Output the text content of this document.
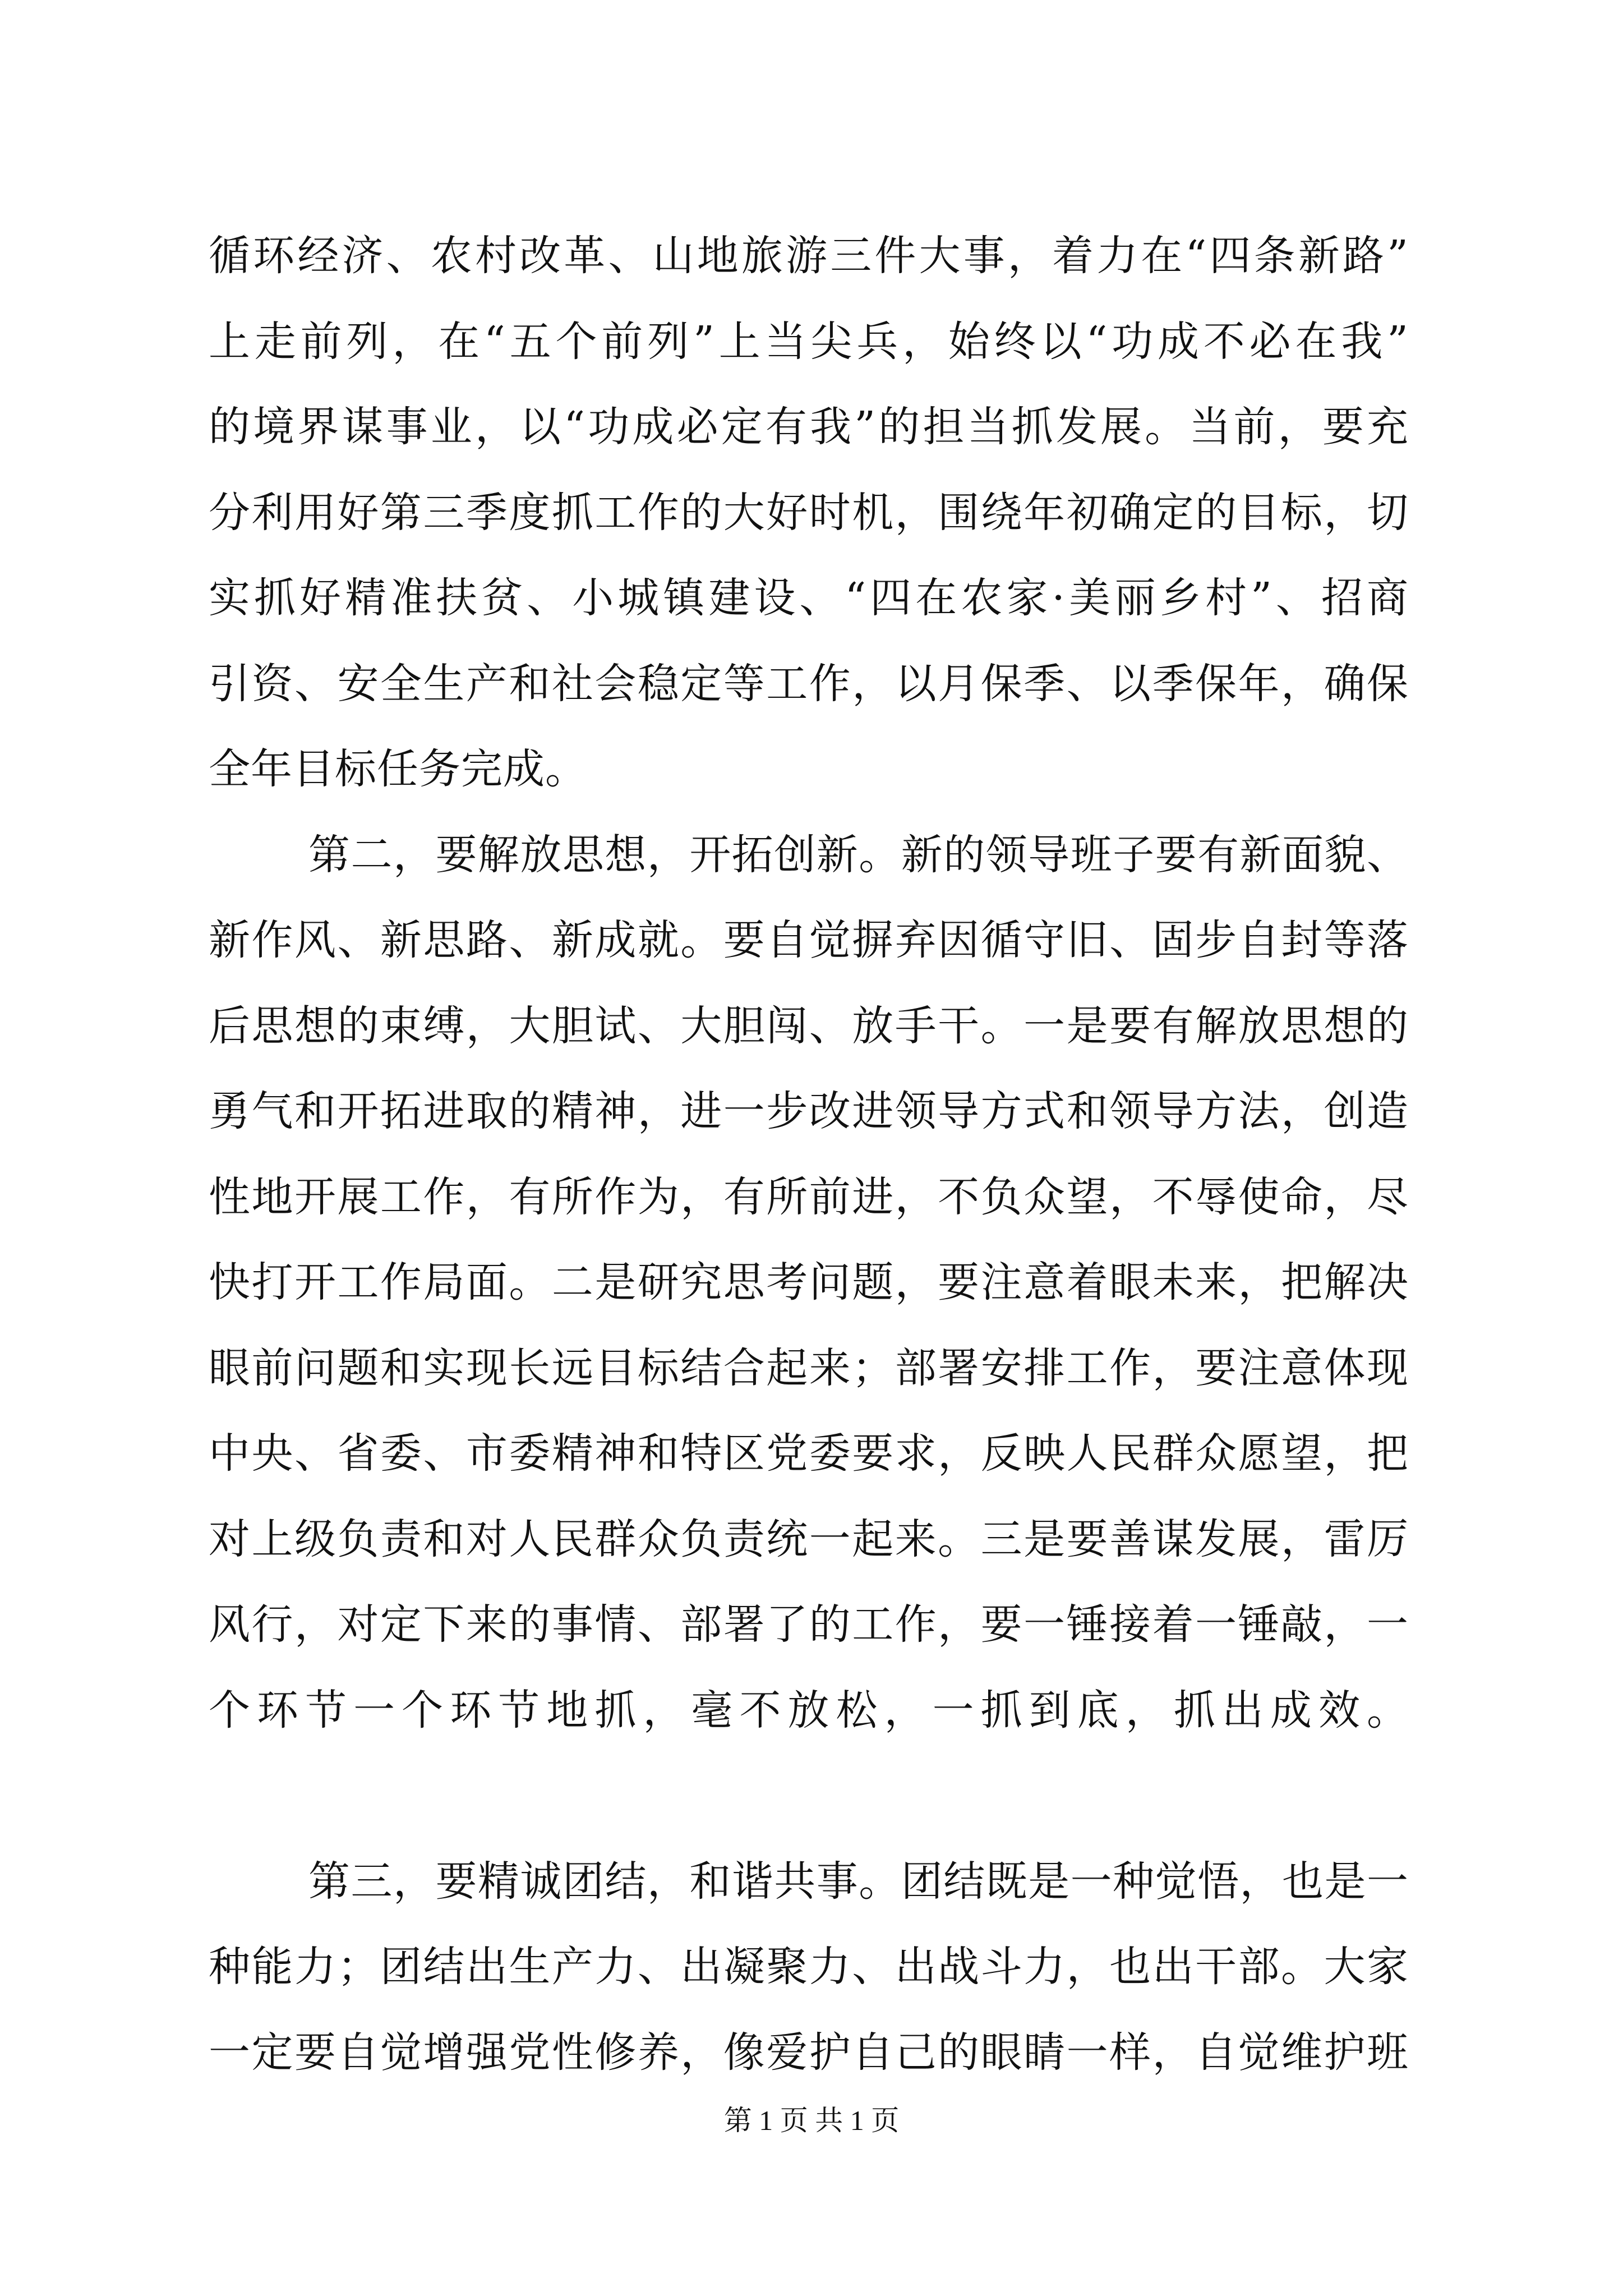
循环经济、农村改革、山地旅游三件大事，着力在“四条新路”
上走前列，在“五个前列”上当尖兵，始终以“功成不必在我”
的境界谋事业，以“功成必定有我”的担当抓发展。当前，要充
分利用好第三季度抓工作的大好时机，围绕年初确定的目标，切
实抓好精准扶贫、小城镇建设、“四在农家·美丽乡村”、招商
引资、安全生产和社会稳定等工作，以月保季、以季保年，确保
全年目标任务完成。
第二，要解放思想，开拓创新。新的领导班子要有新面貌、
新作风、新思路、新成就。要自觉摒弃因循守旧、固步自封等落
后思想的束缚，大胆试、大胆闯、放手干。一是要有解放思想的
勇气和开拓进取的精神，进一步改进领导方式和领导方法，创造
性地开展工作，有所作为，有所前进，不负众望，不辱使命，尽
快打开工作局面。二是研究思考问题，要注意着眼未来，把解决
眼前问题和实现长远目标结合起来；部署安排工作，要注意体现
中央、省委、市委精神和特区党委要求，反映人民群众愿望，把
对上级负责和对人民群众负责统一起来。三是要善谋发展，雷厉
风行，对定下来的事情、部署了的工作，要一锤接着一锤敲，一
个环节一个环节地抓，毫不放松，一抓到底，抓出成效。
第三，要精诚团结，和谐共事。团结既是一种觉悟，也是一
种能力；团结出生产力、出凝聚力、出战斗力，也出干部。大家
一定要自觉增强党性修养，像爱护自己的眼睛一样，自觉维护班
第 1 页 共 1 页
